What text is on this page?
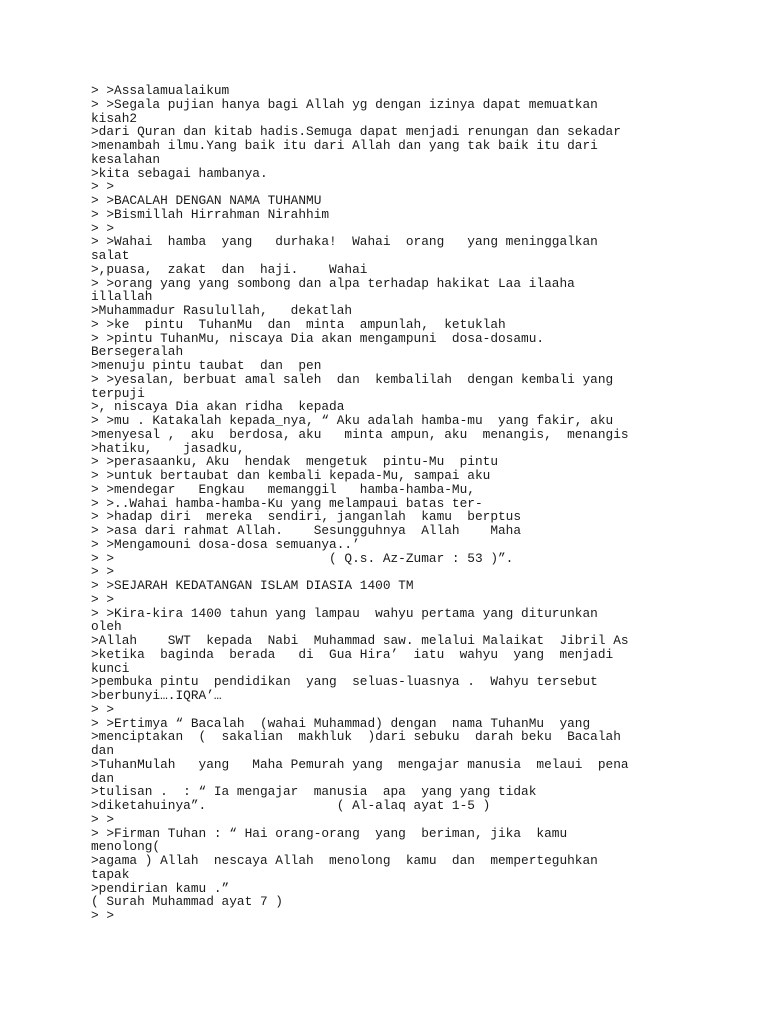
> >Assalamualaikum
> >Segala pujian hanya bagi Allah yg dengan izinya dapat memuatkan
kisah2
>dari Quran dan kitab hadis.Semuga dapat menjadi renungan dan sekadar
>menambah ilmu.Yang baik itu dari Allah dan yang tak baik itu dari
kesalahan
>kita sebagai hambanya.
> >
> >BACALAH DENGAN NAMA TUHANMU
> >Bismillah Hirrahman Nirahhim
> >
> >Wahai  hamba  yang   durhaka!  Wahai  orang   yang meninggalkan
salat
>,puasa,  zakat  dan  haji.    Wahai
> >orang yang yang sombong dan alpa terhadap hakikat Laa ilaaha
illallah
>Muhammadur Rasulullah,   dekatlah
> >ke  pintu  TuhanMu  dan  minta  ampunlah,  ketuklah
> >pintu TuhanMu, niscaya Dia akan mengampuni  dosa-dosamu.
Bersegeralah
>menuju pintu taubat  dan  pen
> >yesalan, berbuat amal saleh  dan  kembalilah  dengan kembali yang
terpuji
>, niscaya Dia akan ridha  kepada
> >mu . Katakalah kepada_nya, “ Aku adalah hamba-mu  yang fakir, aku
>menyesal ,  aku  berdosa, aku   minta ampun, aku  menangis,  menangis
>hatiku,    jasadku,
> >perasaanku, Aku  hendak  mengetuk  pintu-Mu  pintu
> >untuk bertaubat dan kembali kepada-Mu, sampai aku
> >mendegar   Engkau   memanggil   hamba-hamba-Mu,
> >..Wahai hamba-hamba-Ku yang melampaui batas ter-
> >hadap diri  mereka  sendiri, janganlah  kamu  berptus
> >asa dari rahmat Allah.    Sesungguhnya  Allah    Maha
> >Mengamouni dosa-dosa semuanya..’
> >                            ( Q.s. Az-Zumar : 53 )”.
> >
> >SEJARAH KEDATANGAN ISLAM DIASIA 1400 TM
> >
> >Kira-kira 1400 tahun yang lampau  wahyu pertama yang diturunkan
oleh
>Allah    SWT  kepada  Nabi  Muhammad saw. melalui Malaikat  Jibril As
>ketika  baginda  berada   di  Gua Hira’  iatu  wahyu  yang  menjadi
kunci
>pembuka pintu  pendidikan  yang  seluas-luasnya .  Wahyu tersebut
>berbunyi….IQRA’…
> >
> >Ertimya “ Bacalah  (wahai Muhammad) dengan  nama TuhanMu  yang
>menciptakan  (  sakalian  makhluk  )dari sebuku  darah beku  Bacalah
dan
>TuhanMulah   yang   Maha Pemurah yang  mengajar manusia  melaui  pena
dan
>tulisan .  : “ Ia mengajar  manusia  apa  yang yang tidak
>diketahuinya”.                 ( Al-alaq ayat 1-5 )
> >
> >Firman Tuhan : “ Hai orang-orang  yang  beriman, jika  kamu
menolong(
>agama ) Allah  nescaya Allah  menolong  kamu  dan  memperteguhkan
tapak
>pendirian kamu .”
( Surah Muhammad ayat 7 )
> >
